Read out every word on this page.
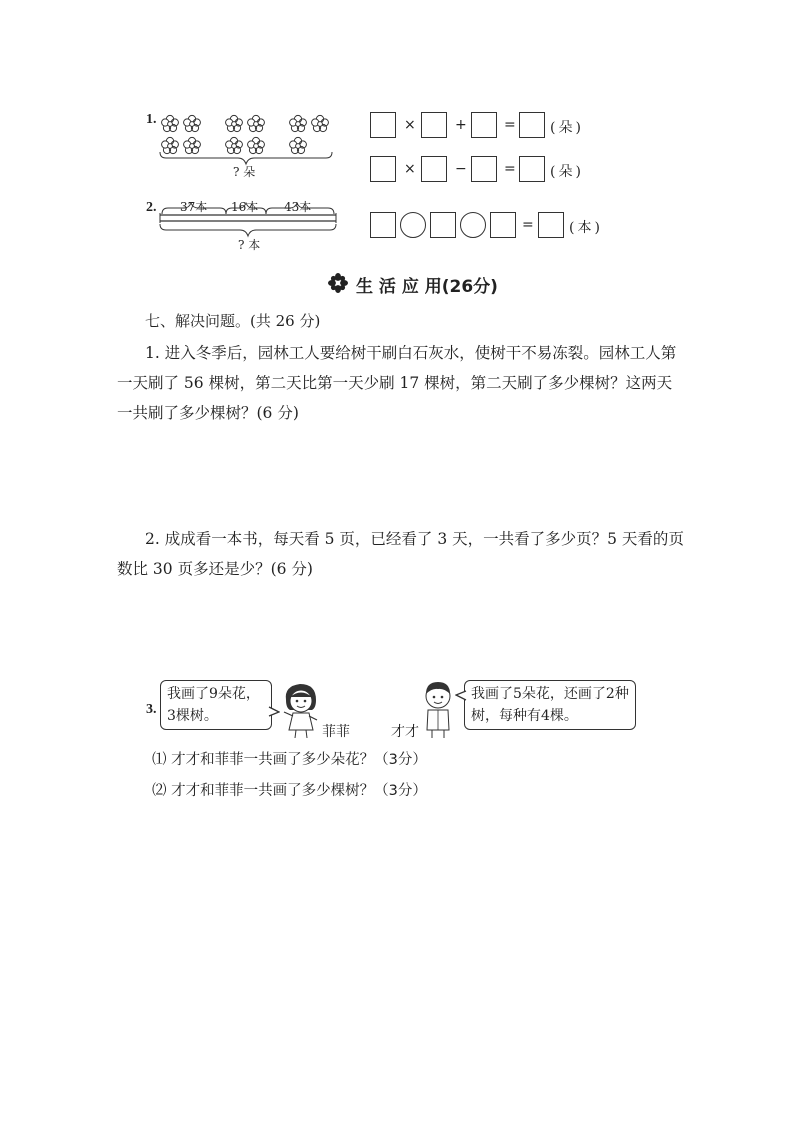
1.
? 朵
×	+	= (朵)
×	−	= (朵)
2. 37本 16本 43本
? 本
=	(本)
生 活 应 用(26分)
七、解决问题。(共 26 分)
1. 进入冬季后，园林工人要给树干刷白石灰水，使树干不易冻裂。园林工人第一天刷了 56 棵树，第二天比第一天少刷 17 棵树，第二天刷了多少棵树？这两天一共刷了多少棵树？(6 分)
2. 成成看一本书，每天看 5 页，已经看了 3 天，一共看了多少页？5 天看的页数比 30 页多还是少？(6 分)
3.
我画了9朵花，3棵树。
菲菲	才才
我画了5朵花，还画了2种树，每种有4棵。
⑴ 才才和菲菲一共画了多少朵花？（3分）
⑵ 才才和菲菲一共画了多少棵树？（3分）
